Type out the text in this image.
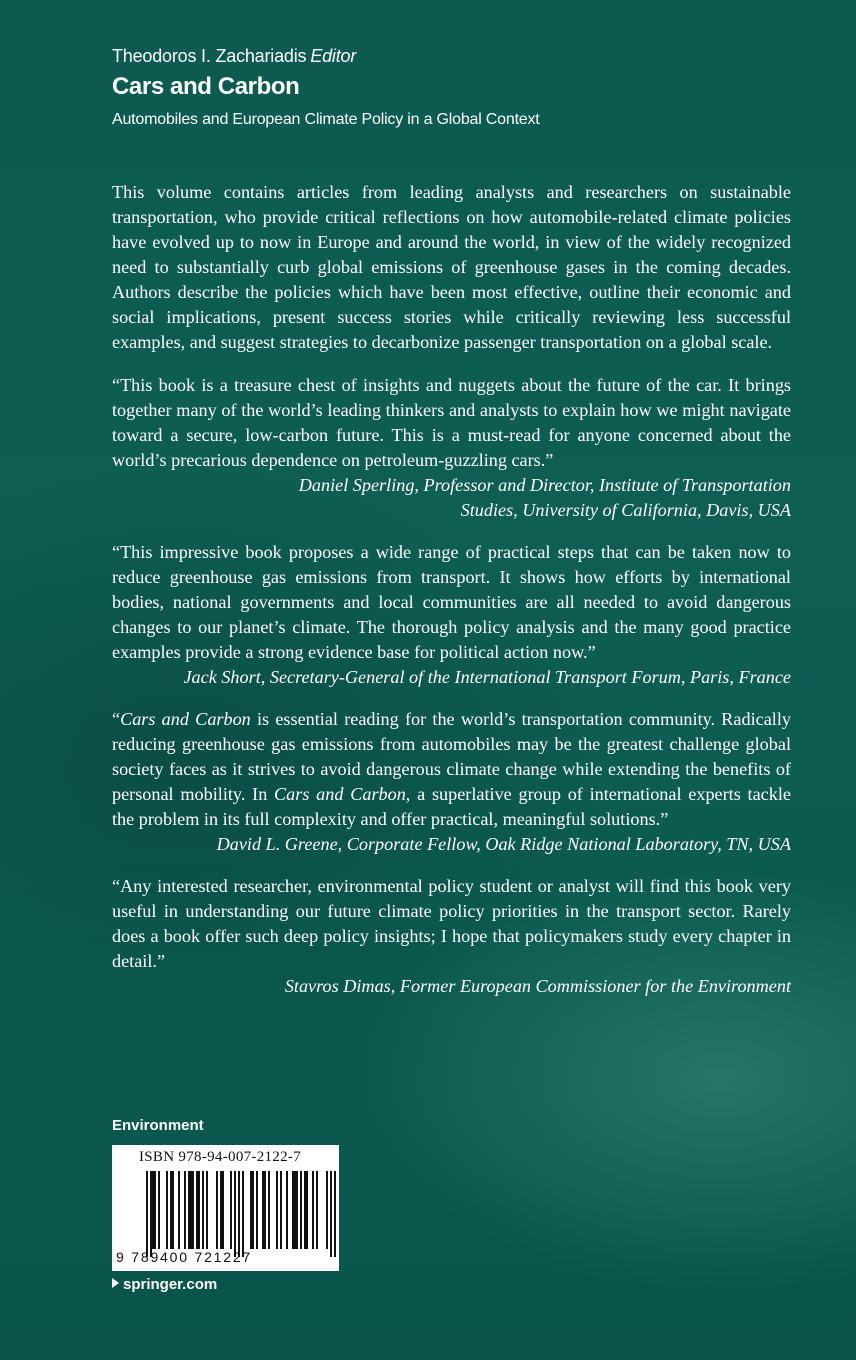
Theodoros I. Zachariadis Editor
Cars and Carbon
Automobiles and European Climate Policy in a Global Context

This volume contains articles from leading analysts and researchers on sustainable transportation, who provide critical reflections on how automobile-related climate policies have evolved up to now in Europe and around the world, in view of the widely recognized need to substantially curb global emissions of greenhouse gases in the coming decades. Authors describe the policies which have been most effective, outline their economic and social implications, present success stories while critically reviewing less successful examples, and suggest strategies to decarbonize passenger transportation on a global scale.

“This book is a treasure chest of insights and nuggets about the future of the car. It brings together many of the world’s leading thinkers and analysts to explain how we might navigate toward a secure, low-carbon future. This is a must-read for anyone concerned about the world’s precarious dependence on petroleum-guzzling cars.”

Daniel Sperling, Professor and Director, Institute of Transportation
Studies, University of California, Davis, USA

“This impressive book proposes a wide range of practical steps that can be taken now to reduce greenhouse gas emissions from transport. It shows how efforts by international bodies, national governments and local communities are all needed to avoid dangerous changes to our planet’s climate. The thorough policy analysis and the many good practice examples provide a strong evidence base for political action now.”

Jack Short, Secretary-General of the International Transport Forum, Paris, France

“Cars and Carbon is essential reading for the world’s transportation community. Radically reducing greenhouse gas emissions from automobiles may be the greatest challenge global society faces as it strives to avoid dangerous climate change while extending the benefits of personal mobility. In Cars and Carbon, a superlative group of international experts tackle the problem in its full complexity and offer practical, meaningful solutions.”

David L. Greene, Corporate Fellow, Oak Ridge National Laboratory, TN, USA

“Any interested researcher, environmental policy student or analyst will find this book very useful in understanding our future climate policy priorities in the transport sector. Rarely does a book offer such deep policy insights; I hope that policymakers study every chapter in detail.”

Stavros Dimas, Former European Commissioner for the Environment
Environment
ISBN 978-94-007-2122-7
9 789400 721227
springer.com
